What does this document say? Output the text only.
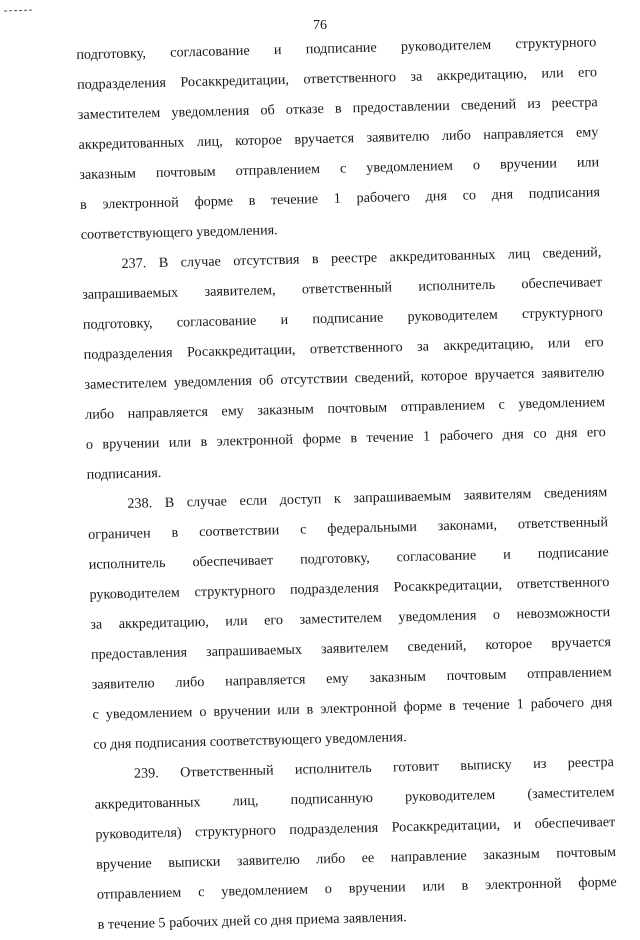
76
подготовку, согласование и подписание руководителем структурного
подразделения Росаккредитации, ответственного за аккредитацию, или его
заместителем уведомления об отказе в предоставлении сведений из реестра
аккредитованных лиц, которое вручается заявителю либо направляется ему
заказным почтовым отправлением с уведомлением о вручении или
в электронной форме в течение 1 рабочего дня со дня подписания
соответствующего уведомления.
237. В случае отсутствия в реестре аккредитованных лиц сведений,
запрашиваемых заявителем, ответственный исполнитель обеспечивает
подготовку, согласование и подписание руководителем структурного
подразделения Росаккредитации, ответственного за аккредитацию, или его
заместителем уведомления об отсутствии сведений, которое вручается заявителю
либо направляется ему заказным почтовым отправлением с уведомлением
о вручении или в электронной форме в течение 1 рабочего дня со дня его
подписания.
238. В случае если доступ к запрашиваемым заявителям сведениям
ограничен в соответствии с федеральными законами, ответственный
исполнитель обеспечивает подготовку, согласование и подписание
руководителем структурного подразделения Росаккредитации, ответственного
за аккредитацию, или его заместителем уведомления о невозможности
предоставления запрашиваемых заявителем сведений, которое вручается
заявителю либо направляется ему заказным почтовым отправлением
с уведомлением о вручении или в электронной форме в течение 1 рабочего дня
со дня подписания соответствующего уведомления.
239. Ответственный исполнитель готовит выписку из реестра
аккредитованных лиц, подписанную руководителем (заместителем
руководителя) структурного подразделения Росаккредитации, и обеспечивает
вручение выписки заявителю либо ее направление заказным почтовым
отправлением с уведомлением о вручении или в электронной форме
в течение 5 рабочих дней со дня приема заявления.
